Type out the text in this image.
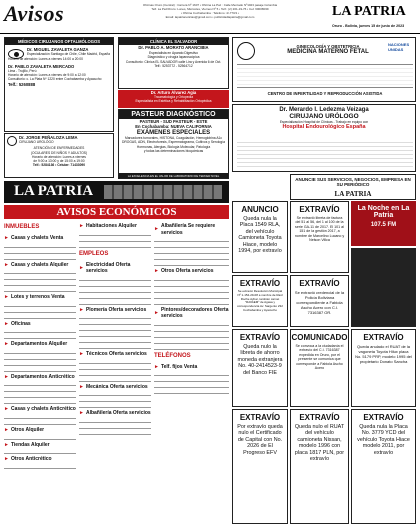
Avisos	Oficinas Oruro (Central) : Carrera Nº 1607 • Oficina La Paz : Calle Mercado Nº1023 pasaje Colombia
Telf. La Paz/Oruro: Lunes, Miércoles, Viernes Nº 5 • Telf.: (2) 201-19-76 • Cel: 60008039
• Oficina Cochabamba : Teléfono: 4/-770/1 •
Email: lapatrianoticias@gmail.com • publicidadlapatria@gmail.com	LA PATRIA
Oruro - Bolivia, jueves 15 de junio de 2023
MÉDICOS CIRUJANOS OFTALMÓLOGOS
Dr. MIGUEL ZAVALETA GANZA
Especialización Santiago de Chile, Chile Madrid, España
Horario de atención: Lunes a viernes 14:00 a 20:00
Dr. PABLO ZAVALETA MERCADO
Lima - Trujillo, Perú
Horario de atención: Lunes a viernes de 9:00 a 12:00
Consultorio: c. La Plata Nº 1220 entre Cochabamba y Ayacucho
Telf.: 5260888
Dr. JORGE PEÑALOZA LEMA
CIRUJANO UROLÓGO
ATENCIÓN DE ENFERMEDADES
(OCULARES DE NIÑOS Y ADULTOS)
Horario de atención: Lunes a viernes
de 9:00 a 13:00 y de 15:00 a 19:00
Telf.: 5284136 • Celular: 71433090
LA PATRIA
CLÍNICA EL SALVADOR
Dr. PABLO A. MORATO ARANCIBIA
Especialista en Aparato Digestivo
Diagnóstico y cirugía laparoscópica
Consultorio: Clínica EL SALVADOR calle Lira y Avenida 6 de Oct.
Telf.: 5253772 - 52564712
Dr. Arturo Álvarez Agia
Traumatología y Ortopedia
Especialista en Estética y Rehabilitación Ortopédica
PASTEUR DIAGNÓSTICO
PASTEUR - SUD PASTEUR - ESTE
En Cochabamba: NUEVA CALIFORNIA
EXÁMENES ESPECIALES
Marcadores tumorales, HISTONA, Coagulación, Hemoglobina A1c
DROGAS, ADN, Electroforesis, Espermatograma, Cultivos y Serología
Hormonas, Alergias, Biología Molecular, Patología
y todas las determinaciones bioquímicas
LA EXCELENCIA EN EL VALOR DE LABORATORIO DE TERCER NIVEL
NACIONES UNIDAS
GINECOLOGÍA Y OBSTETRICIA
MEDICINA MATERNO FETAL
CENTRO DE INFERTILIDAD Y REPRODUCCIÓN ASISTIDA
Dr. Merardo I. Ledezma Veizaga
CIRUJANO URÓLOGO
Especialización Hospital de Clínicas - Trabajo en equipo con
Hospital Endourológico España
AVISOS ECONÓMICOS
INMUEBLES
► Casas y chalets Venta
► Casas y chalets Alquiler
► Lotes y terrenos Venta
► Oficinas
► Departamentos Alquiler
► Departamentos Anticrético
► Casas y chalets Anticrético
► Otros Alquiler
► Tiendas Alquiler
► Otros Anticrético
► Habitaciones Alquiler
EMPLEOS
►
Electricidad Oferta servicios
► Plomería Oferta servicios
► Técnicos Oferta servicios
► Mecánica Oferta servicios
► Albañilería Oferta servicios
►
Albañilería Se requiere servicios
► Otros Oferta servicios
►
Pintores/decoradores Oferta servicios
TELÉFONOS
► Telf. fijos Venta
ANUNCIE SUS SERVICIOS, NEGOCIOS, EMPRESA EN SU PERIÓDICO
LA PATRIA
La Noche en La Patria
107.5 FM
ANUNCIO
Queda nula la Placa 1549 RLA, del vehículo Camioneta Toyota Hiace, modelo 1994, por extravío
EXTRAVÍO
Se extravió libreta de factura del 51 al 56, del 1 al 100 de la serie GA-11 de 2017. El 101 al 151 de la gestión 2017, a nombre de Marcelino Lucano y Nelson Villca
EXTRAVÍO
Se extravió credencial de la Policía Boliviana correspondiente a Fabiola Ascho Acero con C.I. 7316387 OR.
EXTRAVÍO
Queda nulo la libreta de ahorro moneda extranjera No. 40-2414523-9 del Banco FIE
EXTRAVÍO
Se extravió Resolución Municipal Nº 1-154-29-08 a nombre de Raúl Roche Aybar, también carnet "RAVAEM" de Agasa y correspondencia Av. Sargento 232 Cochabamba y Ayacucho
COMUNICADO
Se convoca a la ciudadanía el extravío del C.I. 7316387 expedida en Oruro, por el presente se comunica que corresponde a Fabiola Ascho Acero
EXTRAVÍO
Queda anulado el RUAT de la vagoneta Toyota Hilux placa No. 5179 PRP, modelo 1995 del propietario Donato Sancha
EXTRAVÍO
Por extravío queda nulo el Certificado de Capital con No. 2026 de El Progreso EFV
EXTRAVÍO
Queda nulo el RUAT del vehículo camioneta Nissan, modelo 1996 con placa 1817 PLN, por extravío
EXTRAVÍO
Queda nula la Placa No. 3779 YCD del vehículo Toyota Hiace modelo 2011, por extravío
